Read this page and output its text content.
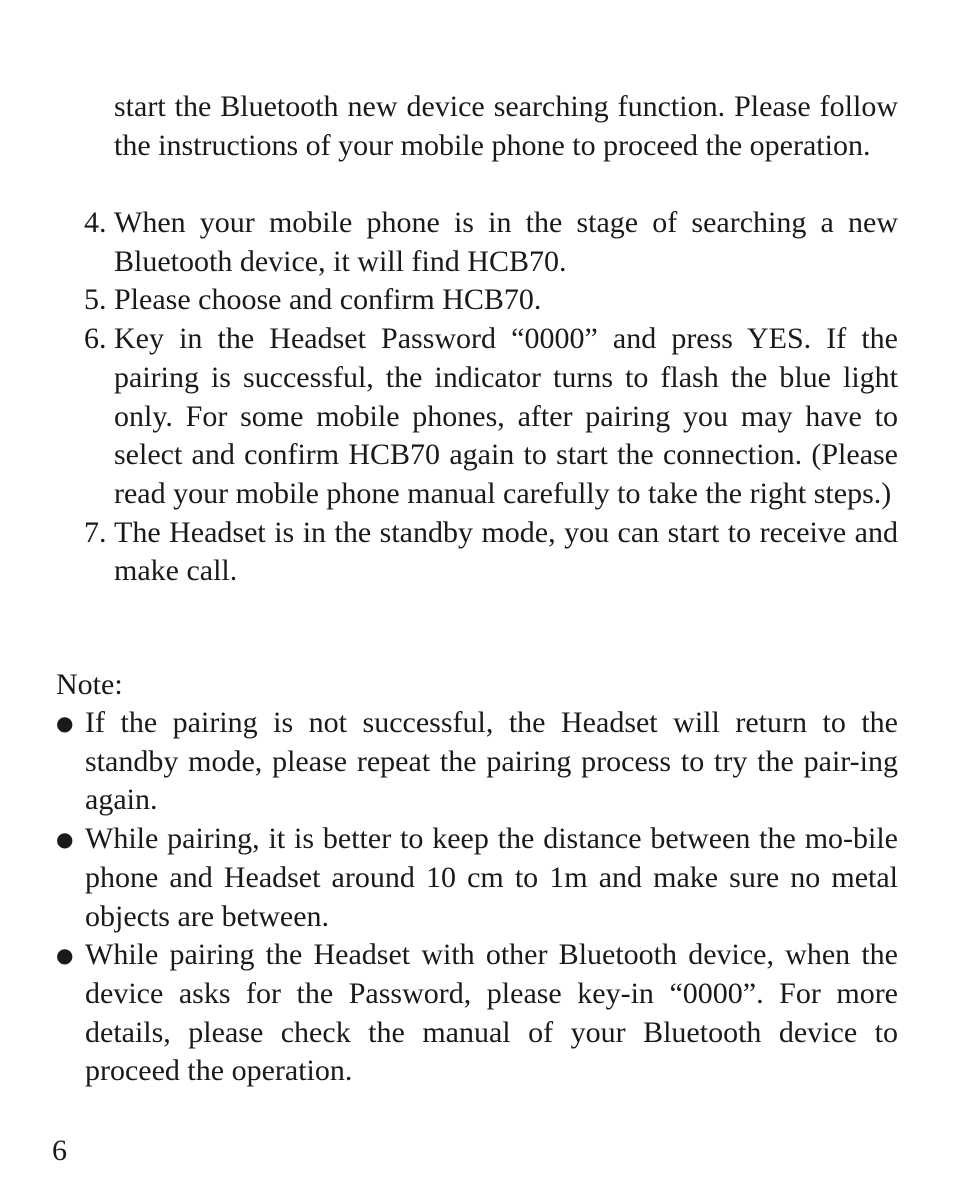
start the Bluetooth new device searching function. Please follow the instructions of your mobile phone to proceed the operation.
4. When your mobile phone is in the stage of searching a new Bluetooth device, it will find HCB70.
5. Please choose and confirm HCB70.
6. Key in the Headset Password “0000” and press YES. If the pairing is successful, the indicator turns to flash the blue light only. For some mobile phones, after pairing you may have to select and confirm HCB70 again to start the connection. (Please read your mobile phone manual carefully to take the right steps.)
7. The Headset is in the standby mode, you can start to receive and make call.
Note:
● If the pairing is not successful, the Headset will return to the standby mode, please repeat the pairing process to try the pair-ing again.
● While pairing, it is better to keep the distance between the mo-bile phone and Headset around 10 cm to 1m and make sure no metal objects are between.
● While pairing the Headset with other Bluetooth device, when the device asks for the Password, please key-in “0000”. For more details, please check the manual of your Bluetooth device to proceed the operation.
6
